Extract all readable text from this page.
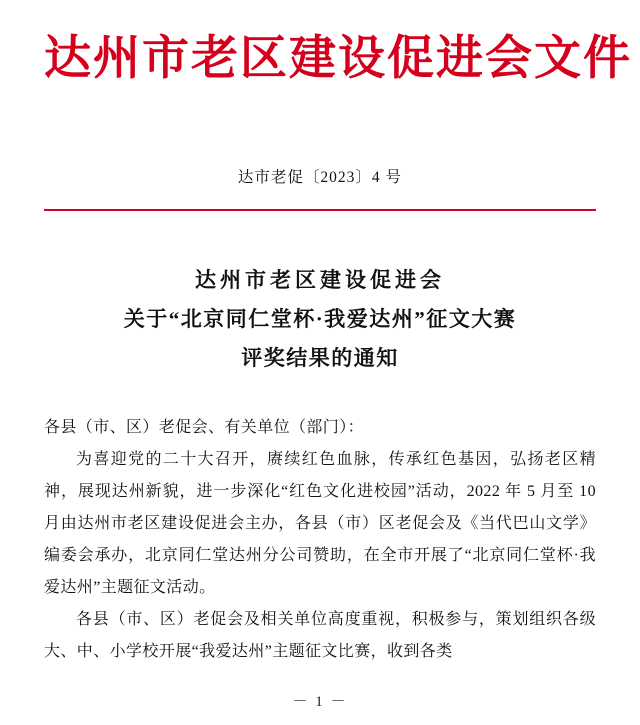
达州市老区建设促进会文件
达市老促〔2023〕4 号
达州市老区建设促进会
关于“北京同仁堂杯·我爱达州”征文大赛
评奖结果的通知

各县（市、区）老促会、有关单位（部门）：

为喜迎党的二十大召开，赓续红色血脉，传承红色基因，弘扬老区精神，展现达州新貌，进一步深化“红色文化进校园”活动，2022 年 5 月至 10 月由达州市老区建设促进会主办，各县（市）区老促会及《当代巴山文学》编委会承办，北京同仁堂达州分公司赞助，在全市开展了“北京同仁堂杯·我爱达州”主题征文活动。

各县（市、区）老促会及相关单位高度重视，积极参与，策划组织各级大、中、小学校开展“我爱达州”主题征文比赛，收到各类

－ 1 －
